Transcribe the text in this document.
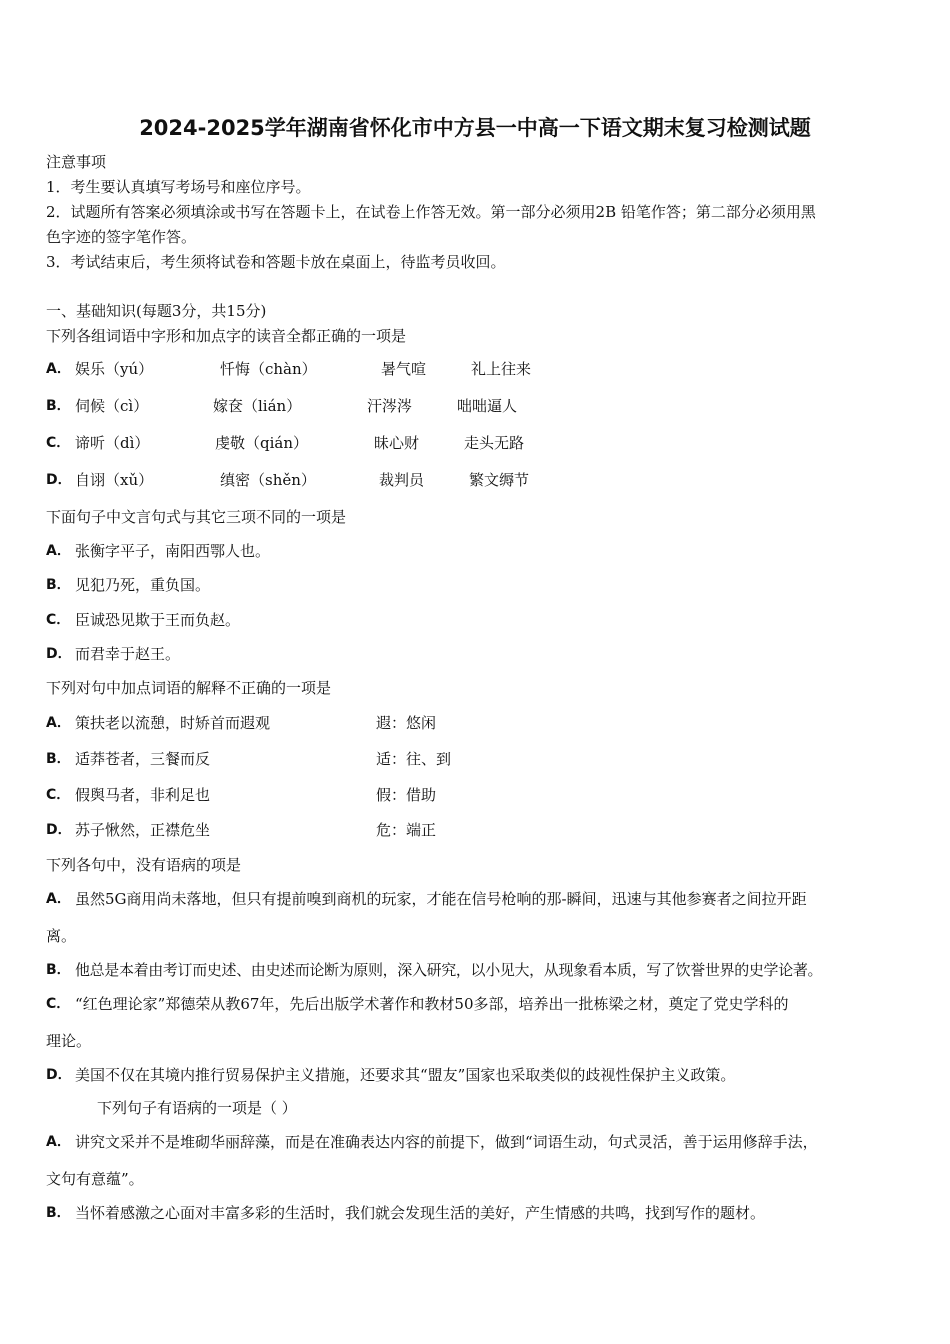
2024-2025学年湖南省怀化市中方县一中高一下语文期末复习检测试题
注意事项
1．考生要认真填写考场号和座位序号。
2．试题所有答案必须填涂或书写在答题卡上，在试卷上作答无效。第一部分必须用2B 铅笔作答；第二部分必须用黑
色字迹的签字笔作答。
3．考试结束后，考生须将试卷和答题卡放在桌面上，待监考员收回。
一、基础知识(每题3分，共15分)
下列各组词语中字形和加点字的读音全都正确的一项是
A． 娱乐（yú）	忏悔（chàn）	暑气喧	礼上往来
B． 伺候（cì）	嫁奁（lián）	汗涔涔	咄咄逼人
C． 谛听（dì）	虔敬（qián）	昧心财	走头无路
D． 自诩（xǔ）	缜密（shěn）	裁判员	繁文缛节
下面句子中文言句式与其它三项不同的一项是
A． 张衡字平子，南阳西鄂人也。
B． 见犯乃死，重负国。
C． 臣诚恐见欺于王而负赵。
D． 而君幸于赵王。
下列对句中加点词语的解释不正确的一项是
A． 策扶老以流憩，时矫首而遐观	遐：悠闲
B． 适莽苍者，三餐而反	适：往、到
C． 假舆马者，非利足也	假：借助
D． 苏子愀然，正襟危坐	危：端正
下列各句中，没有语病的项是
A． 虽然5G商用尚未落地，但只有提前嗅到商机的玩家，才能在信号枪响的那-瞬间，迅速与其他参赛者之间拉开距
离。
B． 他总是本着由考订而史述、由史述而论断为原则，深入研究，以小见大，从现象看本质，写了饮誉世界的史学论著。
C． “红色理论家”郑德荣从教67年，先后出版学术著作和教材50多部，培养出一批栋梁之材，奠定了党史学科的
理论。
D． 美国不仅在其境内推行贸易保护主义措施，还要求其“盟友”国家也采取类似的歧视性保护主义政策。
下列句子有语病的一项是（ ）
A． 讲究文采并不是堆砌华丽辞藻，而是在准确表达内容的前提下，做到“词语生动，句式灵活，善于运用修辞手法，
文句有意蕴”。
B． 当怀着感激之心面对丰富多彩的生活时，我们就会发现生活的美好，产生情感的共鸣，找到写作的题材。
